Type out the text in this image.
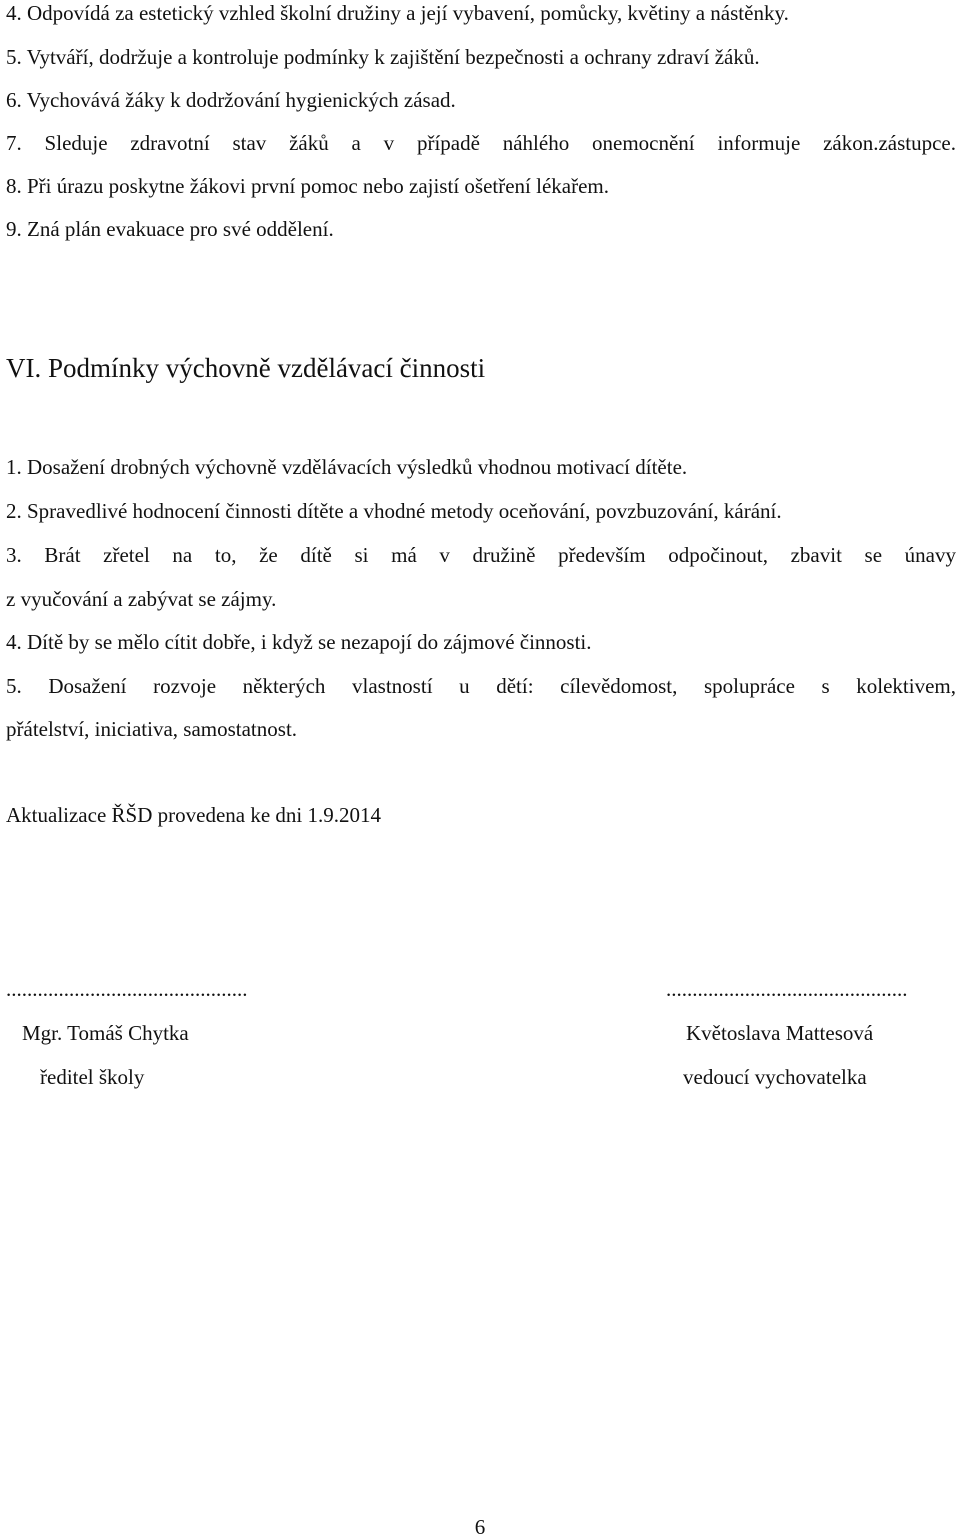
4. Odpovídá za estetický vzhled školní družiny a její vybavení, pomůcky, květiny a nástěnky.
5. Vytváří, dodržuje a kontroluje podmínky k zajištění bezpečnosti a ochrany zdraví žáků.
6. Vychovává žáky k dodržování hygienických zásad.
7. Sleduje zdravotní stav žáků a v případě náhlého onemocnění informuje zákon.zástupce.
8. Při úrazu poskytne žákovi první pomoc nebo zajistí ošetření lékařem.
9. Zná plán evakuace pro své oddělení.
VI. Podmínky výchovně vzdělávací činnosti
1. Dosažení drobných výchovně vzdělávacích výsledků vhodnou motivací dítěte.
2. Spravedlivé hodnocení činnosti dítěte a vhodné metody oceňování, povzbuzování, kárání.
3. Brát zřetel na to, že dítě si má v družině především odpočinout, zbavit se únavy
z vyučování a zabývat se zájmy.
4. Dítě by se mělo cítit dobře, i když se nezapojí do zájmové činnosti.
5. Dosažení rozvoje některých vlastností u dětí: cílevědomost, spolupráce s kolektivem,
přátelství, iniciativa, samostatnost.
Aktualizace ŘŠD provedena ke dni 1.9.2014
..............................................
Mgr. Tomáš Chytka
ředitel školy
..............................................
Květoslava Mattesová
vedoucí vychovatelka
6
